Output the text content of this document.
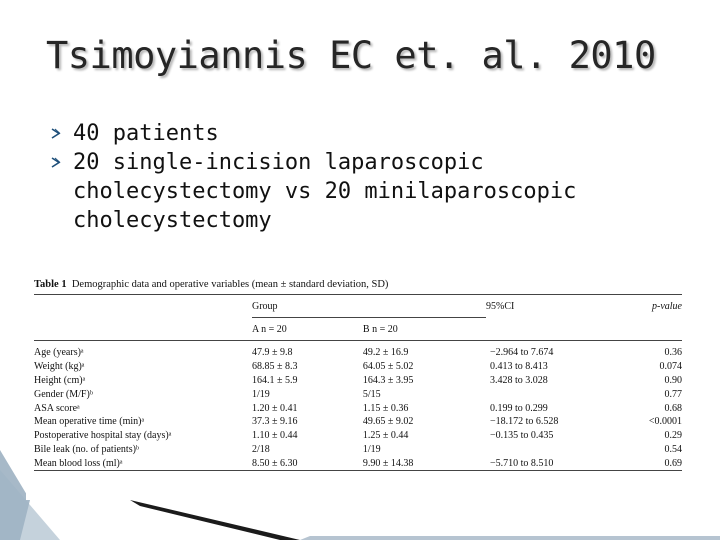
Tsimoyiannis EC et. al. 2010
40 patients
20 single-incision laparoscopic cholecystectomy vs 20 minilaparoscopic cholecystectomy
Table 1 Demographic data and operative variables (mean ± standard deviation, SD)
	Group		95%CI	p-value
	A n = 20	B n = 20		

Age (years)ᵃ	47.9 ± 9.8	49.2 ± 16.9	−2.964 to 7.674	0.36
Weight (kg)ᵃ	68.85 ± 8.3	64.05 ± 5.02	0.413 to 8.413	0.074
Height (cm)ᵃ	164.1 ± 5.9	164.3 ± 3.95	3.428 to 3.028	0.90
Gender (M/F)ᵇ	1/19	5/15		0.77
ASA scoreᵃ	1.20 ± 0.41	1.15 ± 0.36	0.199 to 0.299	0.68
Mean operative time (min)ᵃ	37.3 ± 9.16	49.65 ± 9.02	−18.172 to 6.528	<0.0001
Postoperative hospital stay (days)ᵃ	1.10 ± 0.44	1.25 ± 0.44	−0.135 to 0.435	0.29
Bile leak (no. of patients)ᵇ	2/18	1/19		0.54
Mean blood loss (ml)ᵃ	8.50 ± 6.30	9.90 ± 14.38	−5.710 to 8.510	0.69
